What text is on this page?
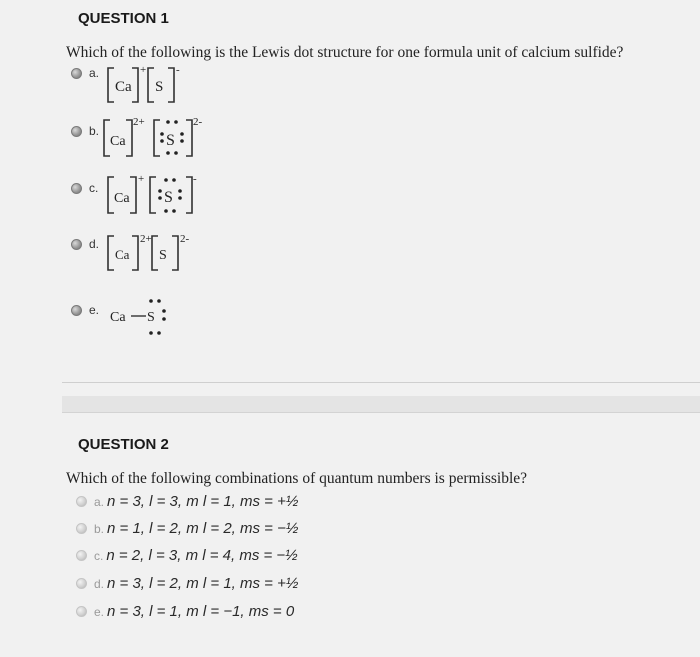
QUESTION 1
Which of the following is the Lewis dot structure for one formula unit of calcium sulfide?
a.
Ca S
+	-
b.
Ca	S
2+	2-
c.
Ca S
+	-
d.
Ca S
2+	2-
e. Ca S
QUESTION 2
Which of the following combinations of quantum numbers is permissible?
a. n = 3, l = 3, m l = 1, ms = +½
b. n = 1, l = 2, m l = 2, ms = −½
c. n = 2, l = 3, m l = 4, ms = −½
d. n = 3, l = 2, m l = 1, ms = +½
e. n = 3, l = 1, m l = −1, ms = 0
